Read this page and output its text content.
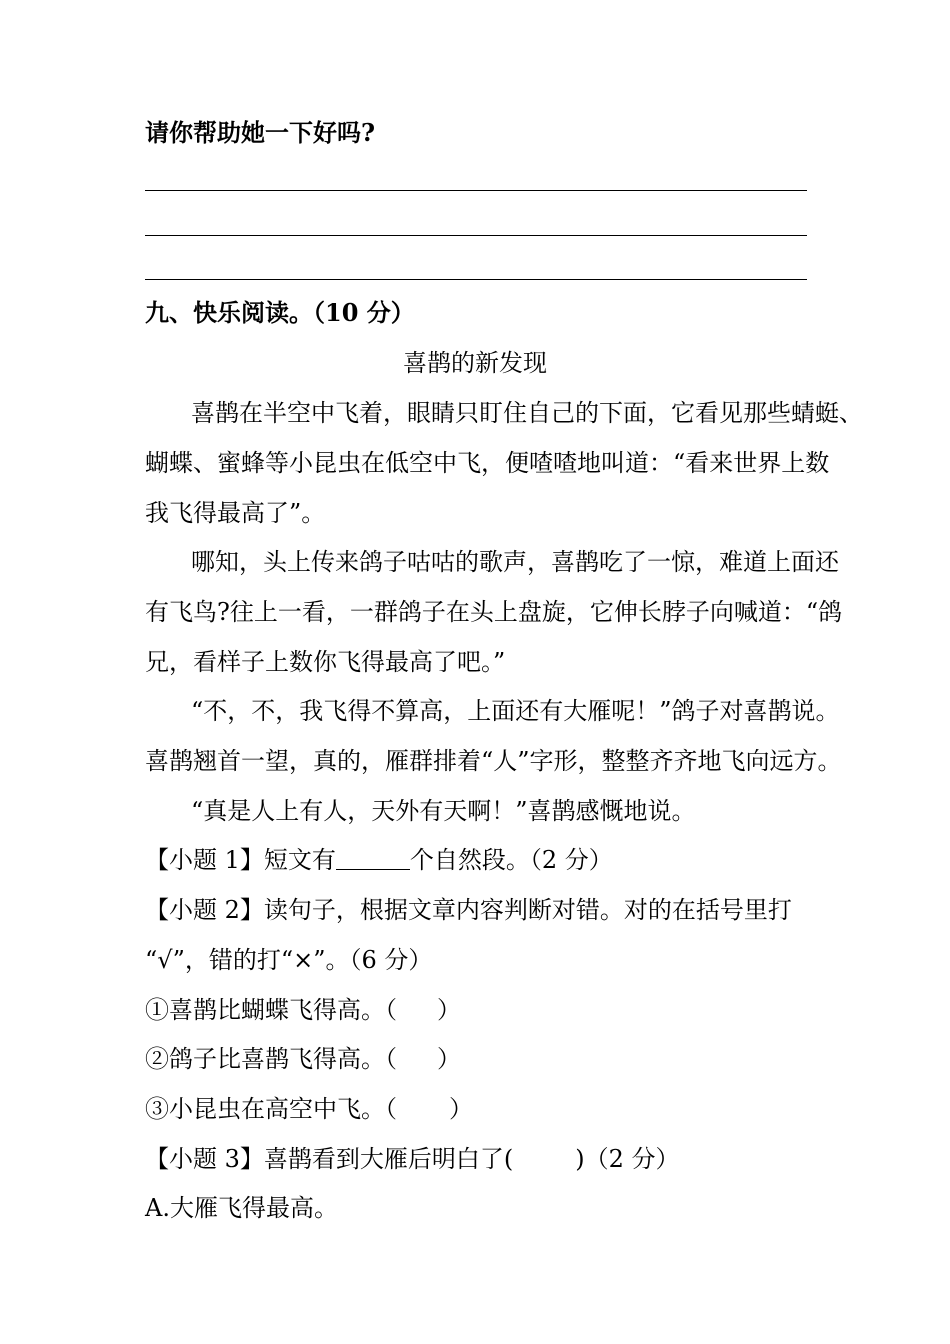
请你帮助她一下好吗?
九、快乐阅读。（10 分）
喜鹊的新发现
喜鹊在半空中飞着，眼睛只盯住自己的下面，它看见那些蜻蜓、
蝴蝶、蜜蜂等小昆虫在低空中飞，便喳喳地叫道：“看来世界上数
我飞得最高了”。
哪知，头上传来鸽子咕咕的歌声，喜鹊吃了一惊，难道上面还
有飞鸟?往上一看，一群鸽子在头上盘旋，它伸长脖子向喊道：“鸽
兄，看样子上数你飞得最高了吧。”
“不，不，我飞得不算高，上面还有大雁呢！”鸽子对喜鹊说。
喜鹊翘首一望，真的，雁群排着“人”字形，整整齐齐地飞向远方。
“真是人上有人，天外有天啊！”喜鹊感慨地说。
【小题 1】短文有	个自然段。（2 分）
【小题 2】读句子，根据文章内容判断对错。对的在括号里打
“√”，错的打“×”。（6 分）
①喜鹊比蝴蝶飞得高。（ ）
②鸽子比喜鹊飞得高。（ ）
③小昆虫在高空中飞。（ ）
【小题 3】喜鹊看到大雁后明白了(	)（2 分）
A.大雁飞得最高。
